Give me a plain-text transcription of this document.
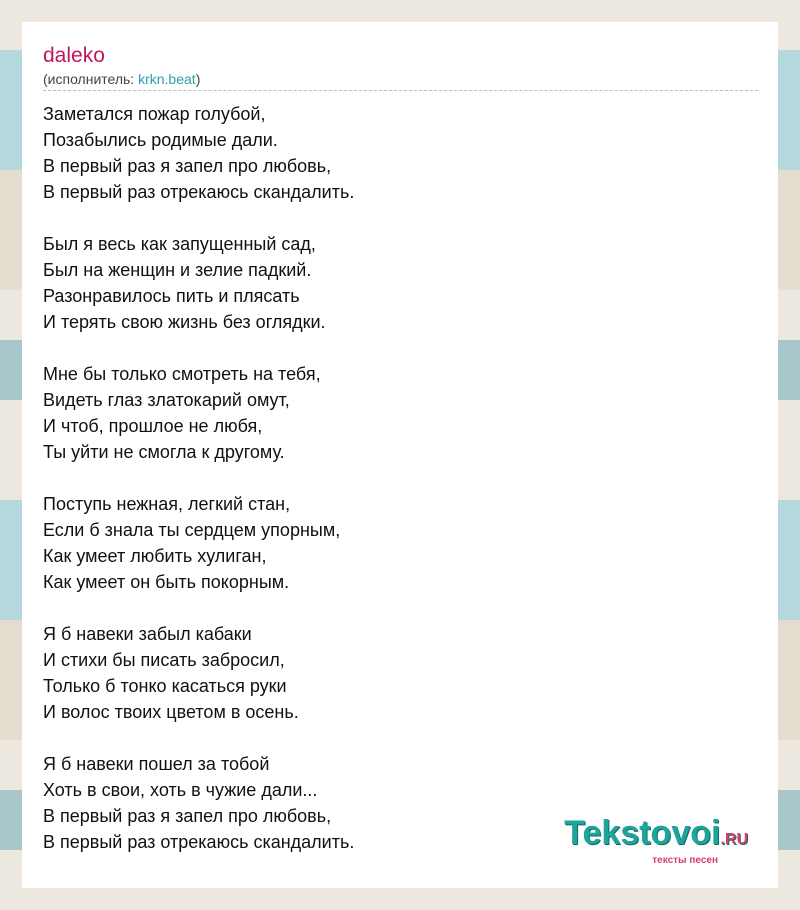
daleko
(исполнитель: krkn.beat)
Заметался пожар голубой,
Позабылись родимые дали.
В первый раз я запел про любовь,
В первый раз отрекаюсь скандалить.
Был я весь как запущенный сад,
Был на женщин и зелие падкий.
Разонравилось пить и плясать
И терять свою жизнь без оглядки.
Мне бы только смотреть на тебя,
Видеть глаз златокарий омут,
И чтоб, прошлое не любя,
Ты уйти не смогла к другому.
Поступь нежная, легкий стан,
Если б знала ты сердцем упорным,
Как умеет любить хулиган,
Как умеет он быть покорным.
Я б навеки забыл кабаки
И стихи бы писать забросил,
Только б тонко касаться руки
И волос твоих цветом в осень.
Я б навеки пошел за тобой
Хоть в свои, хоть в чужие дали...
В первый раз я запел про любовь,
В первый раз отрекаюсь скандалить.	Tekstovoi.RU
тексты песен
